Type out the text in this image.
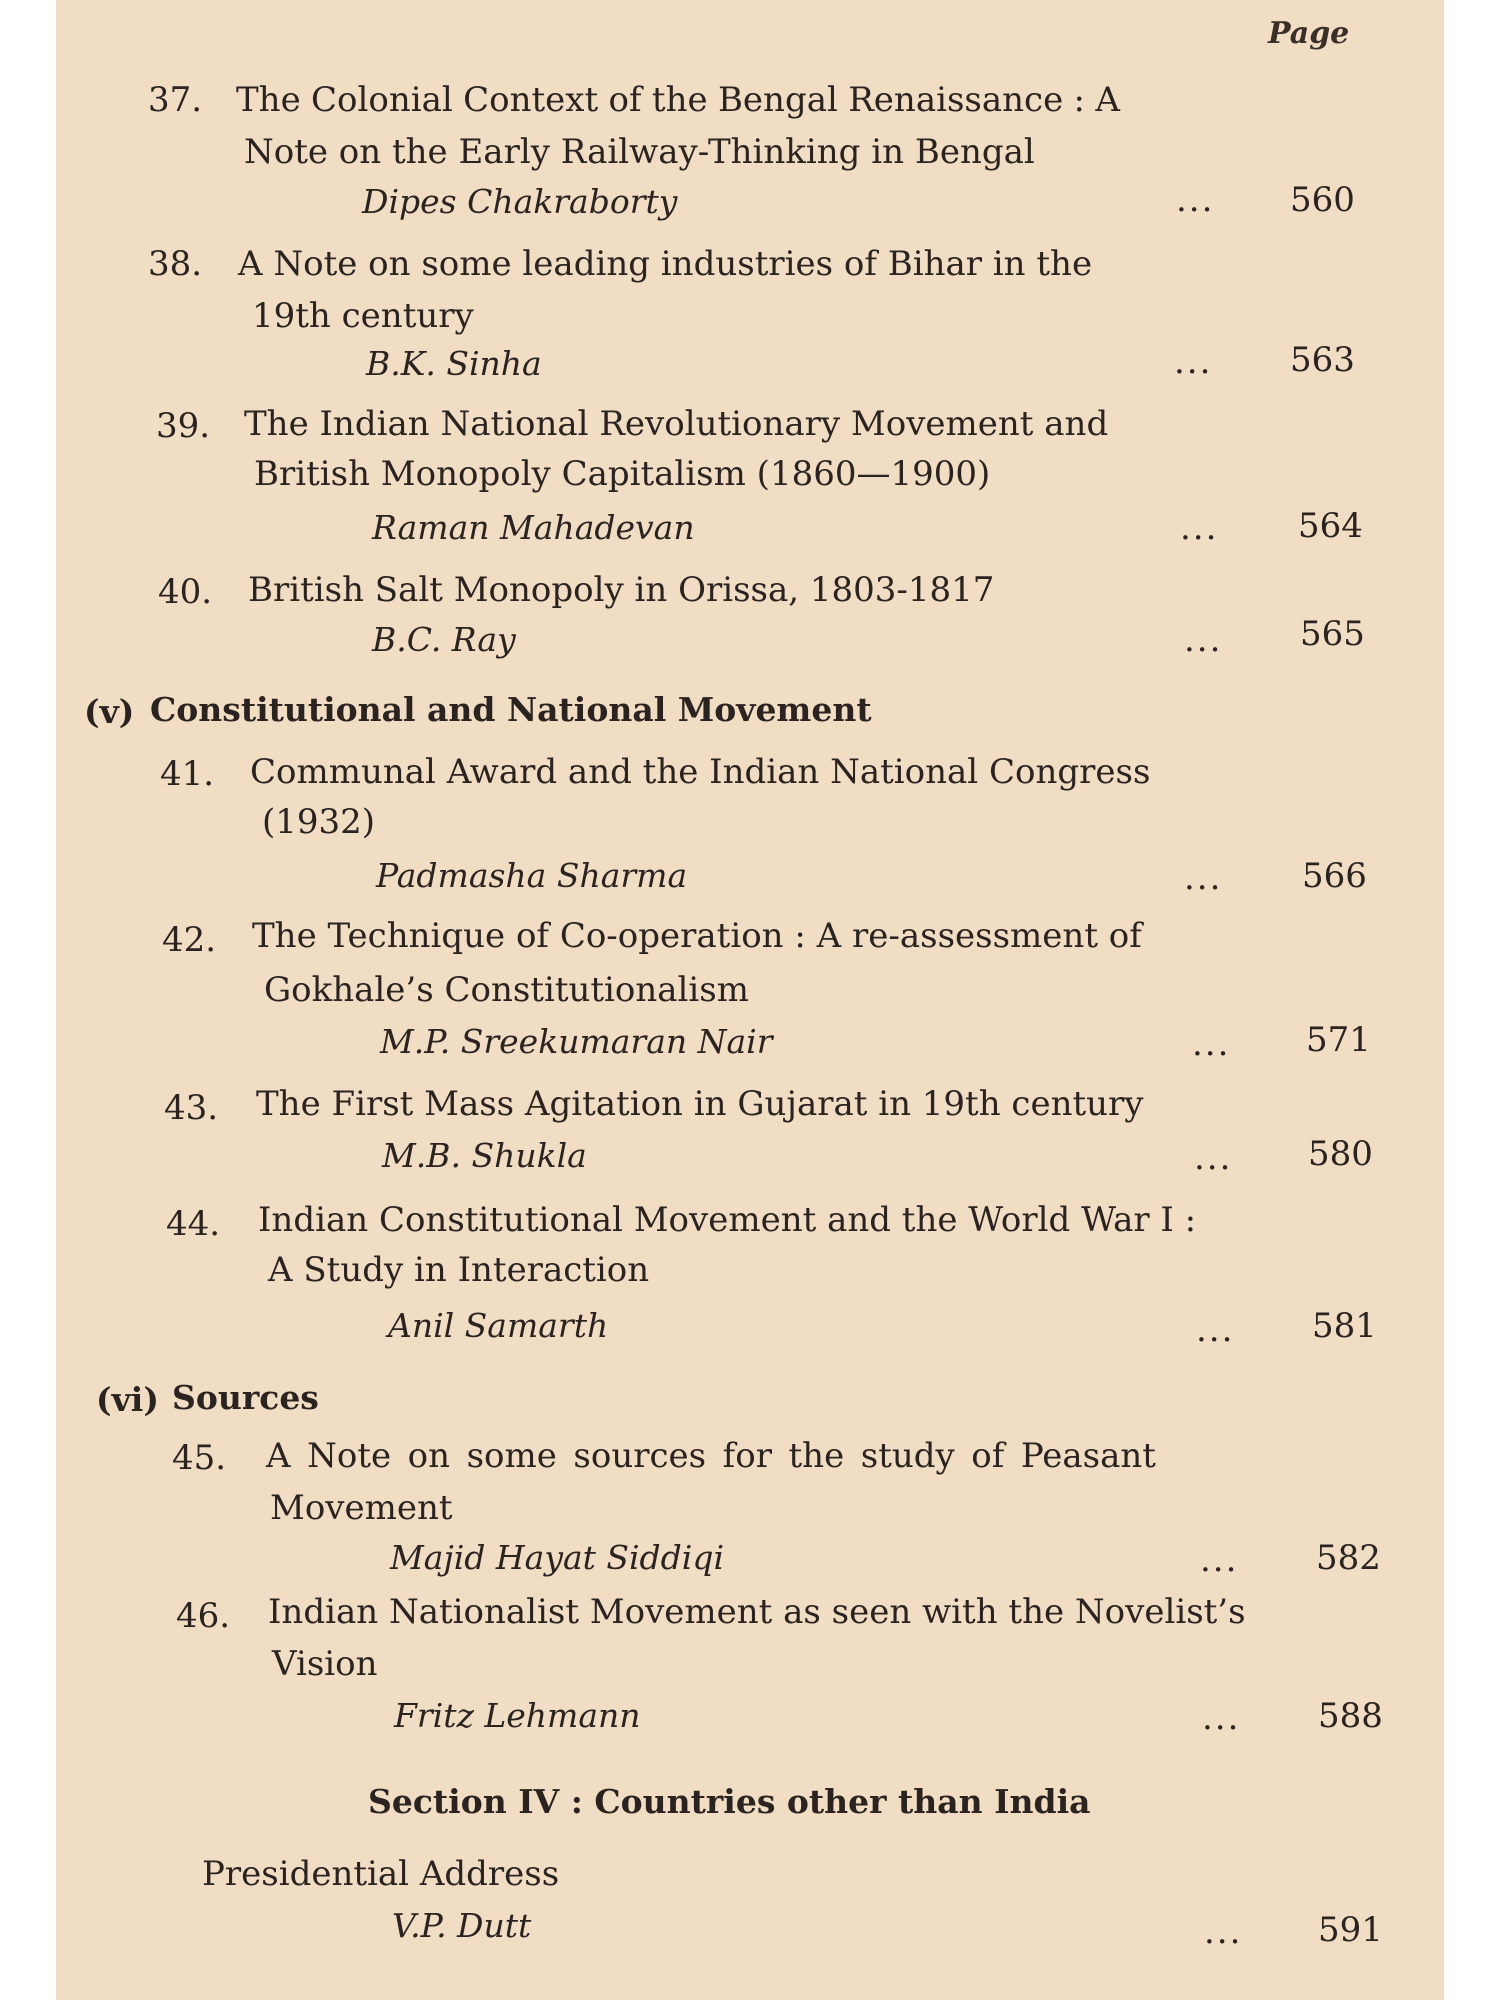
Page
37. The Colonial Context of the Bengal Renaissance : A
Note on the Early Railway-Thinking in Bengal
Dipes Chakraborty	... 560
38. A Note on some leading industries of Bihar in the
19th century
B.K. Sinha	... 563
39. The Indian National Revolutionary Movement and
British Monopoly Capitalism (1860—1900)
Raman Mahadevan	... 564
40. British Salt Monopoly in Orissa, 1803-1817
B.C. Ray	... 565
(v) Constitutional and National Movement
41. Communal Award and the Indian National Congress
(1932)
Padmasha Sharma	... 566
42. The Technique of Co-operation : A re-assessment of
Gokhale’s Constitutionalism
M.P. Sreekumaran Nair	... 571
43. The First Mass Agitation in Gujarat in 19th century
M.B. Shukla	... 580
44. Indian Constitutional Movement and the World War I :
A Study in Interaction
Anil Samarth	... 581
(vi) Sources
45. A Note on some sources for the study of Peasant
Movement
Majid Hayat Siddiqi	... 582
46. Indian Nationalist Movement as seen with the Novelist’s
Vision
Fritz Lehmann	... 588
Section IV : Countries other than India
Presidential Address
V.P. Dutt	... 591
